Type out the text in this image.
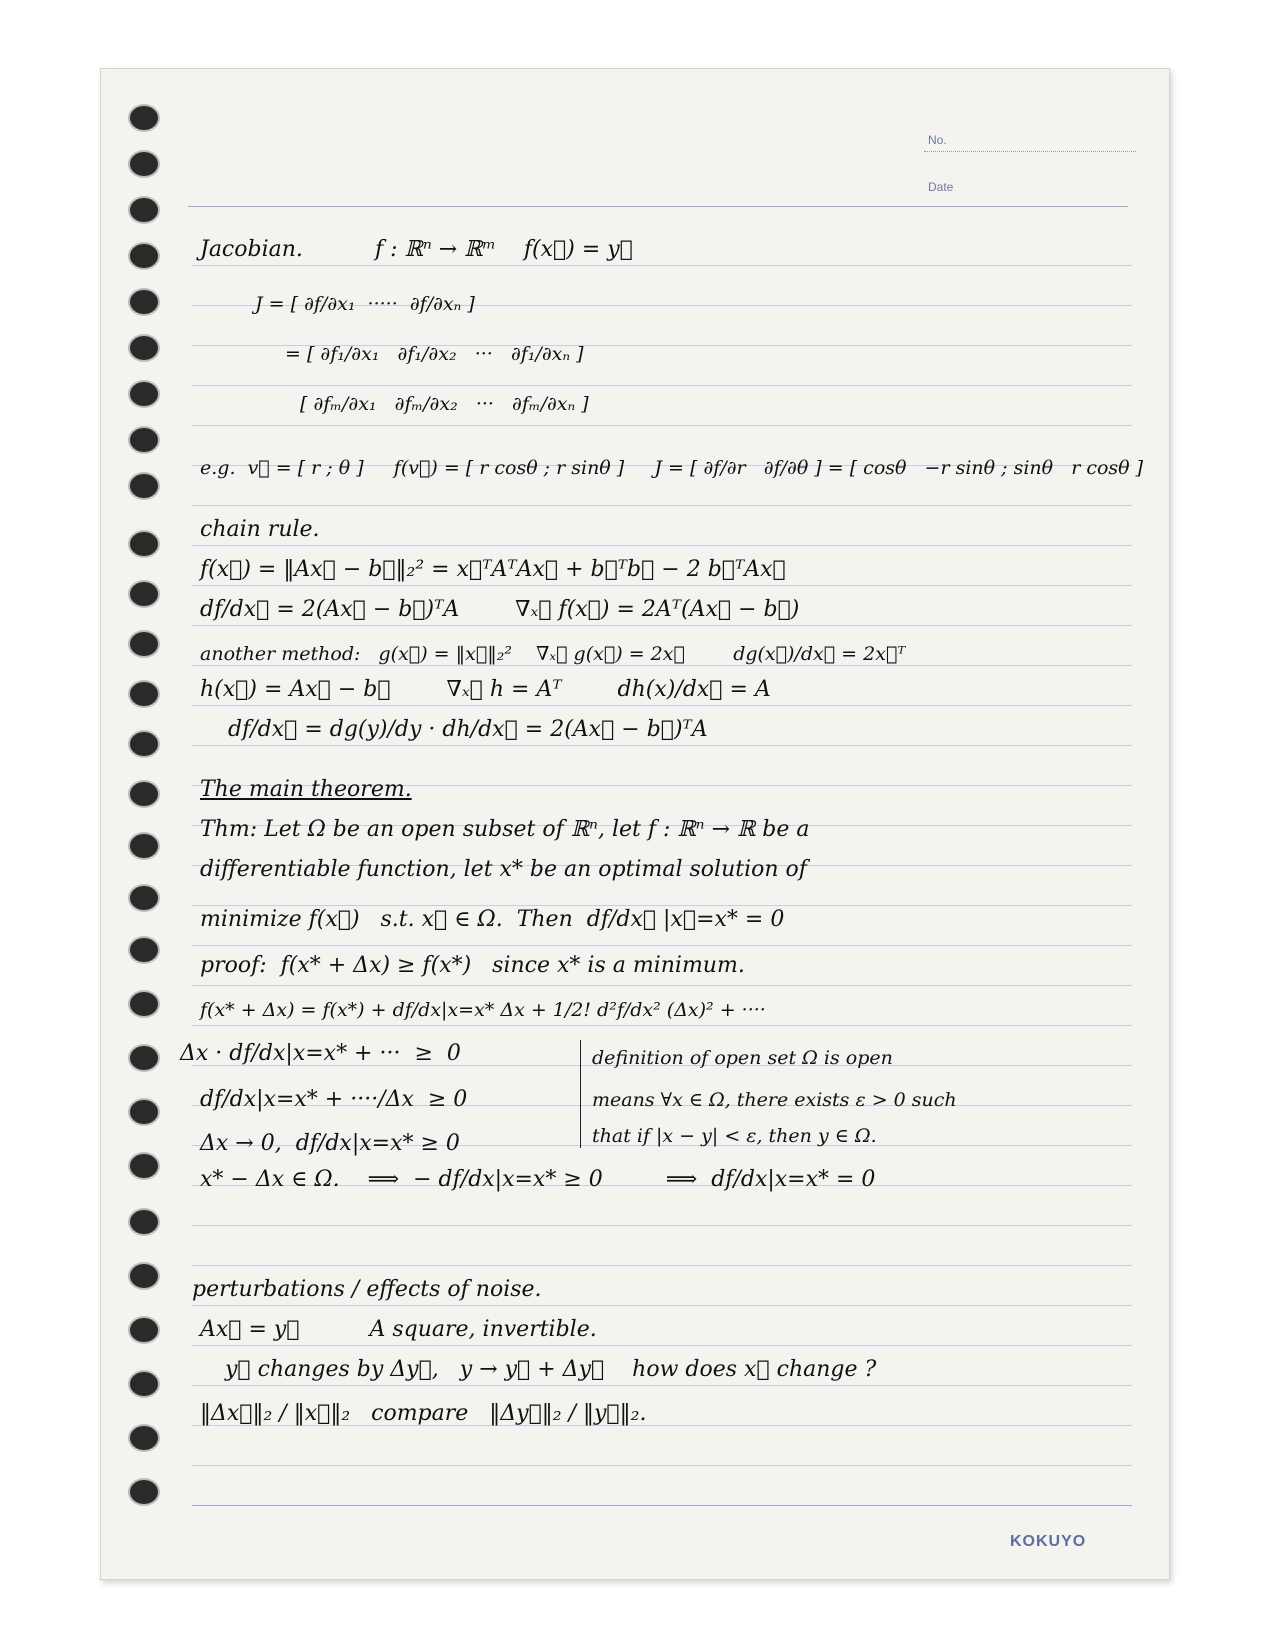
No.
Date
Jacobian.	f : ℝⁿ → ℝᵐ    f(x⃗) = y⃗
J = [ ∂f/∂x₁  ·····  ∂f/∂xₙ ]
= [ ∂f₁/∂x₁   ∂f₁/∂x₂   ···   ∂f₁/∂xₙ ]
[ ∂fₘ/∂x₁   ∂fₘ/∂x₂   ···   ∂fₘ/∂xₙ ]
e.g.  v⃗ = [ r ; θ ]     f(v⃗) = [ r cosθ ; r sinθ ]     J = [ ∂f/∂r   ∂f/∂θ ] = [ cosθ   −r sinθ ; sinθ   r cosθ ]
chain rule.
f(x⃗) = ‖Ax⃗ − b⃗‖₂² = x⃗ᵀAᵀAx⃗ + b⃗ᵀb⃗ − 2 b⃗ᵀAx⃗
df/dx⃗ = 2(Ax⃗ − b⃗)ᵀA        ∇ₓ⃗ f(x⃗) = 2Aᵀ(Ax⃗ − b⃗)
another method:   g(x⃗) = ‖x⃗‖₂²    ∇ₓ⃗ g(x⃗) = 2x⃗        dg(x⃗)/dx⃗ = 2x⃗ᵀ
h(x⃗) = Ax⃗ − b⃗        ∇ₓ⃗ h = Aᵀ        dh(x)/dx⃗ = A
df/dx⃗ = dg(y)/dy · dh/dx⃗ = 2(Ax⃗ − b⃗)ᵀA
The main theorem.
Thm: Let Ω be an open subset of ℝⁿ, let f : ℝⁿ → ℝ be a
differentiable function, let x* be an optimal solution of
minimize f(x⃗)   s.t. x⃗ ∈ Ω.  Then  df/dx⃗ |x⃗=x* = 0
proof:  f(x* + Δx) ≥ f(x*)   since x* is a minimum.
f(x* + Δx) = f(x*) + df/dx|x=x* Δx + 1/2! d²f/dx² (Δx)² + ····
Δx · df/dx|x=x* + ···  ≥  0
df/dx|x=x* + ····/Δx  ≥ 0
Δx → 0,  df/dx|x=x* ≥ 0
x* − Δx ∈ Ω.    ⟹  − df/dx|x=x* ≥ 0         ⟹  df/dx|x=x* = 0
definition of open set Ω is open
means ∀x ∈ Ω, there exists ε > 0 such
that if |x − y| < ε, then y ∈ Ω.
perturbations / effects of noise.
Ax⃗ = y⃗          A square, invertible.
y⃗ changes by Δy⃗,   y → y⃗ + Δy⃗    how does x⃗ change ?
‖Δx⃗‖₂ / ‖x⃗‖₂   compare   ‖Δy⃗‖₂ / ‖y⃗‖₂.
KOKUYO
